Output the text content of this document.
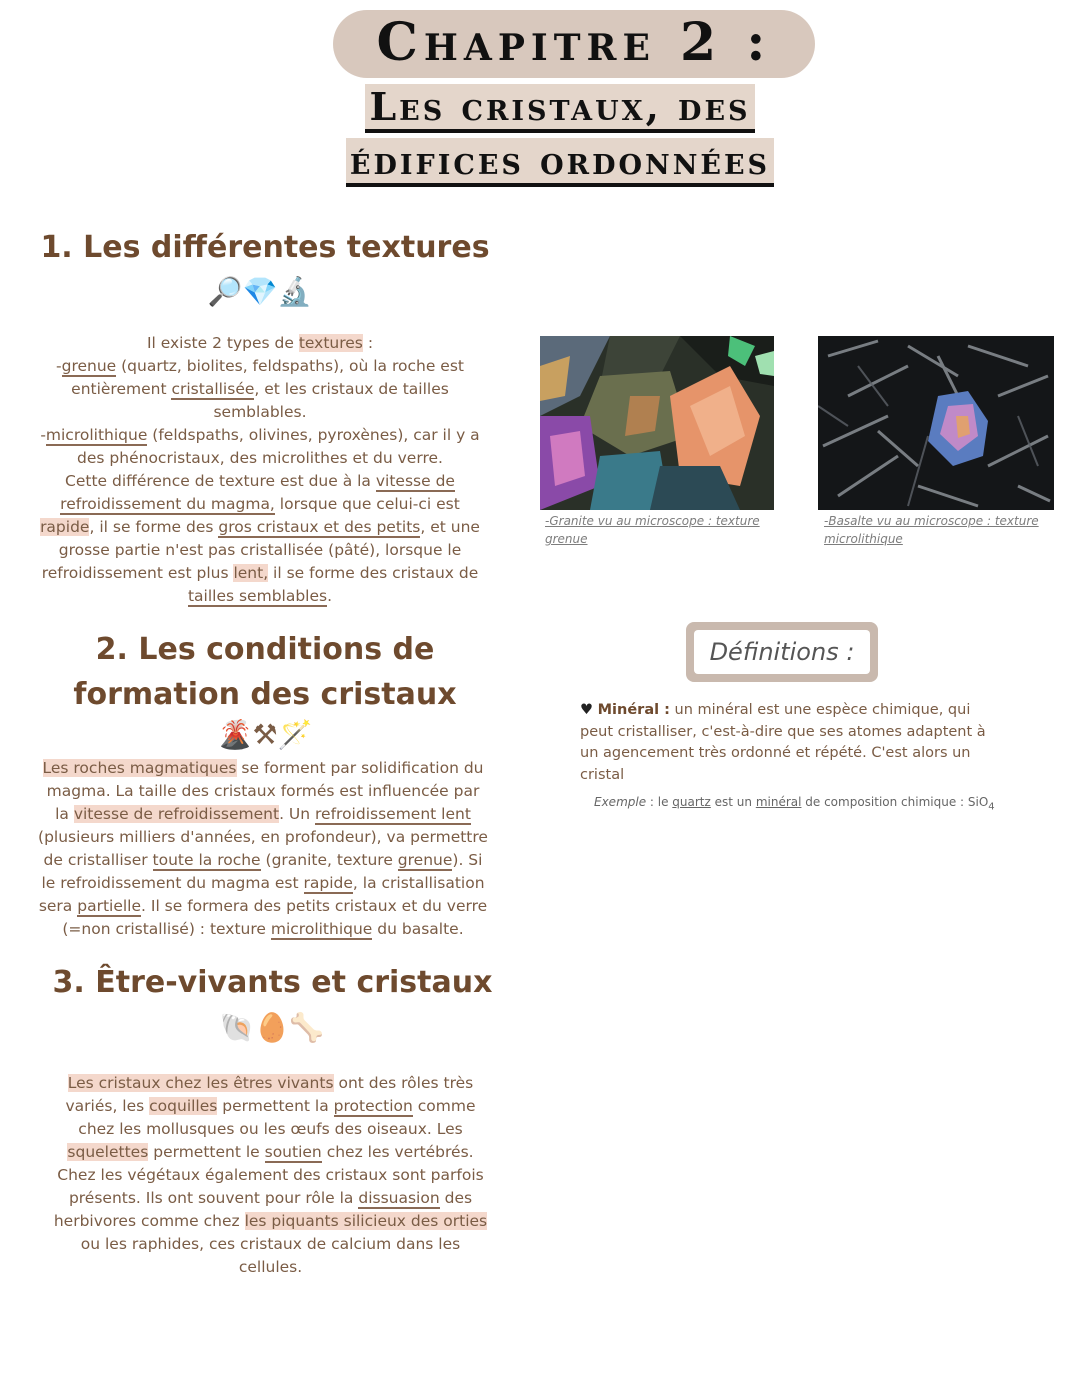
Chapitre 2 :
Les cristaux, des
édifices ordonnées
1. Les différentes textures
🔎💎🔬
Il existe 2 types de textures :
-grenue (quartz, biolites, feldspaths), où la roche est entièrement cristallisée, et les cristaux de tailles semblables.
-microlithique (feldspaths, olivines, pyroxènes), car il y a des phénocristaux, des microlithes et du verre.
Cette différence de texture est due à la vitesse de refroidissement du magma, lorsque que celui-ci est rapide, il se forme des gros cristaux et des petits, et une grosse partie n'est pas cristallisée (pâté), lorsque le refroidissement est plus lent, il se forme des cristaux de tailles semblables.
-Granite vu au microscope : texture grenue
-Basalte vu au microscope : texture microlithique
2. Les conditions de
formation des cristaux
🌋⚒🪄
Les roches magmatiques se forment par solidification du magma. La taille des cristaux formés est influencée par la vitesse de refroidissement. Un refroidissement lent (plusieurs milliers d'années, en profondeur), va permettre de cristalliser toute la roche (granite, texture grenue). Si le refroidissement du magma est rapide, la cristallisation sera partielle. Il se formera des petits cristaux et du verre (=non cristallisé) : texture microlithique du basalte.
3. Être-vivants et cristaux
🐚🥚🦴
Les cristaux chez les êtres vivants ont des rôles très variés, les coquilles permettent la protection comme chez les mollusques ou les œufs des oiseaux. Les squelettes permettent le soutien chez les vertébrés. Chez les végétaux également des cristaux sont parfois présents. Ils ont souvent pour rôle la dissuasion des herbivores comme chez les piquants silicieux des orties ou les raphides, ces cristaux de calcium dans les cellules.
Définitions :
♥ Minéral : un minéral est une espèce chimique, qui peut cristalliser, c'est-à-dire que ses atomes adaptent à un agencement très ordonné et répété. C'est alors un cristal
Exemple : le quartz est un minéral de composition chimique : SiO$_4$
